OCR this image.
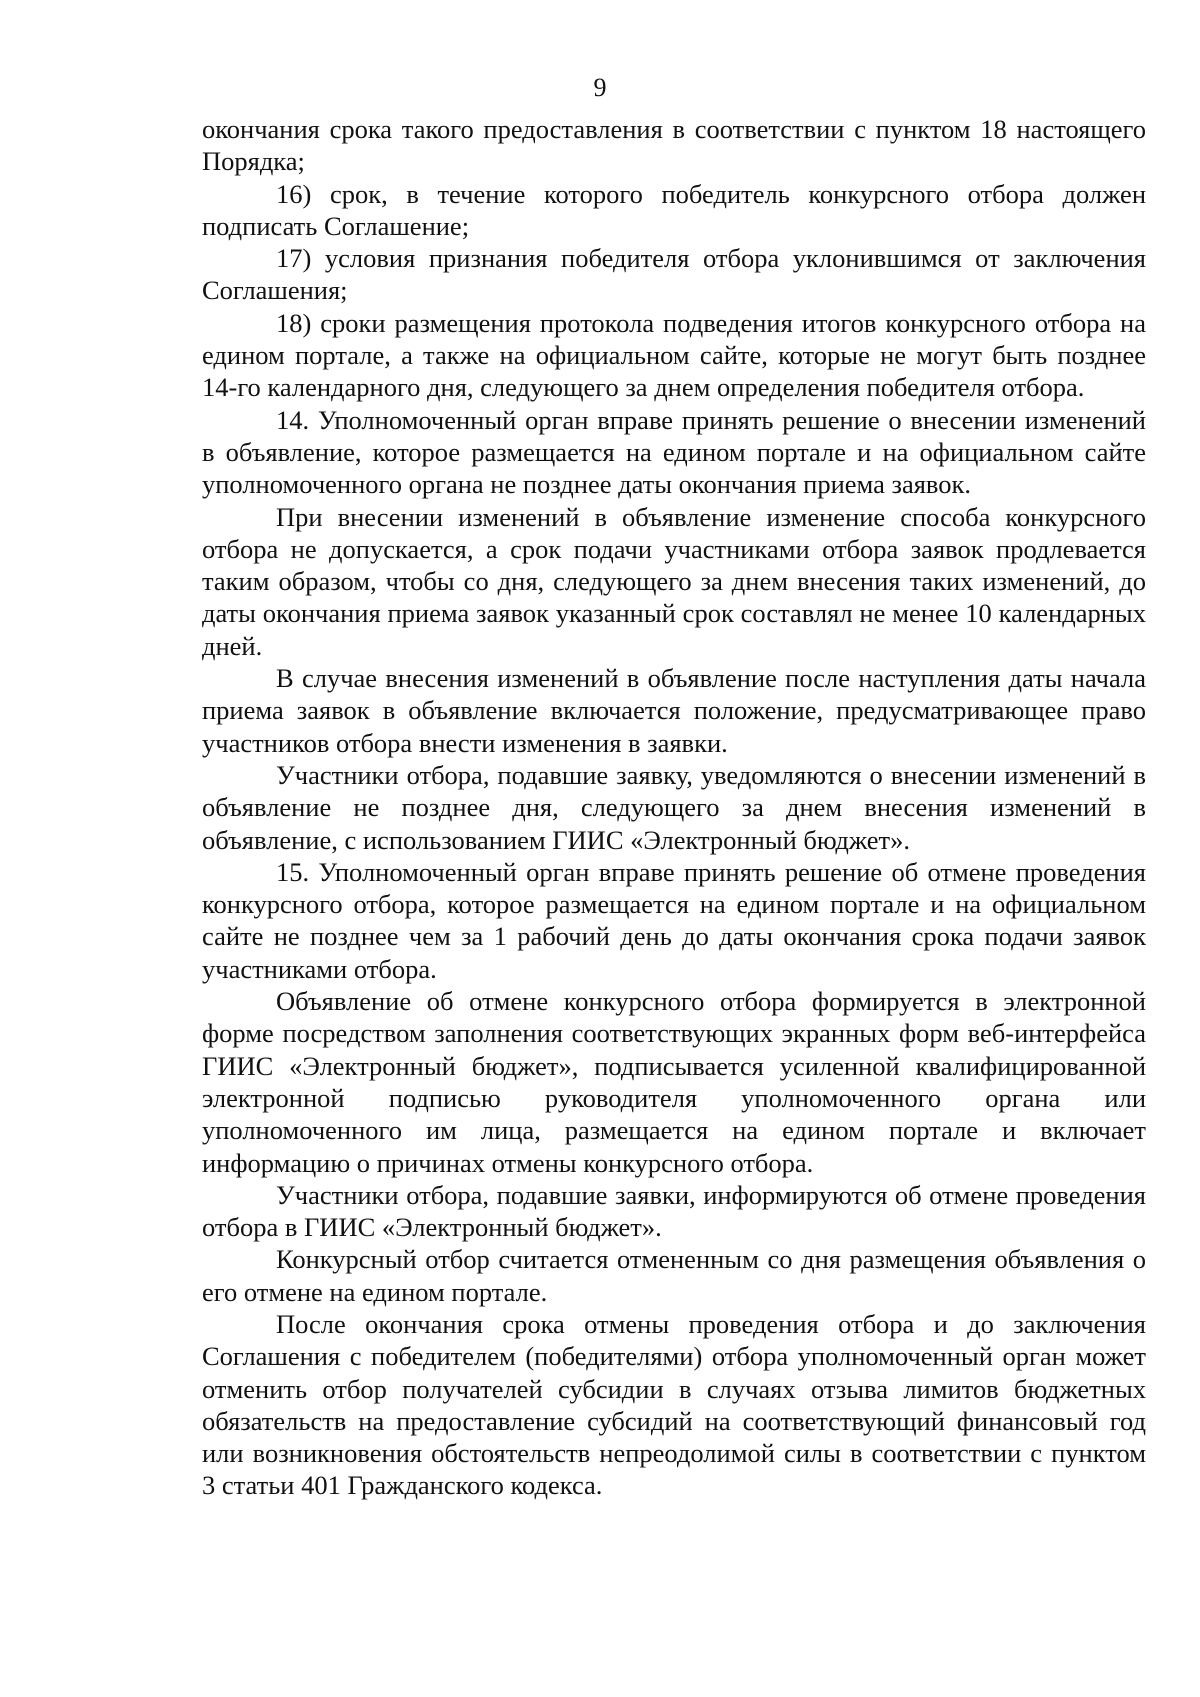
9

окончания срока такого предоставления в соответствии с пунктом 18 настоящего Порядка;

16) срок, в течение которого победитель конкурсного отбора должен подписать Соглашение;

17) условия признания победителя отбора уклонившимся от заключения Соглашения;

18) сроки размещения протокола подведения итогов конкурсного отбора на едином портале, а также на официальном сайте, которые не могут быть позднее 14-го календарного дня, следующего за днем определения победителя отбора.

14. Уполномоченный орган вправе принять решение о внесении изменений в объявление, которое размещается на едином портале и на официальном сайте уполномоченного органа не позднее даты окончания приема заявок.

При внесении изменений в объявление изменение способа конкурсного отбора не допускается, а срок подачи участниками отбора заявок продлевается таким образом, чтобы со дня, следующего за днем внесения таких изменений, до даты окончания приема заявок указанный срок составлял не менее 10 календарных дней.

В случае внесения изменений в объявление после наступления даты начала приема заявок в объявление включается положение, предусматривающее право участников отбора внести изменения в заявки.

Участники отбора, подавшие заявку, уведомляются о внесении изменений в объявление не позднее дня, следующего за днем внесения изменений в объявление, с использованием ГИИС «Электронный бюджет».

15. Уполномоченный орган вправе принять решение об отмене проведения конкурсного отбора, которое размещается на едином портале и на официальном сайте не позднее чем за 1 рабочий день до даты окончания срока подачи заявок участниками отбора.

Объявление об отмене конкурсного отбора формируется в электронной форме посредством заполнения соответствующих экранных форм веб-интерфейса ГИИС «Электронный бюджет», подписывается усиленной квалифицированной электронной подписью руководителя уполномоченного органа или уполномоченного им лица, размещается на едином портале и включает информацию о причинах отмены конкурсного отбора.

Участники отбора, подавшие заявки, информируются об отмене проведения отбора в ГИИС «Электронный бюджет».

Конкурсный отбор считается отмененным со дня размещения объявления о его отмене на едином портале.

После окончания срока отмены проведения отбора и до заключения Соглашения с победителем (победителями) отбора уполномоченный орган может отменить отбор получателей субсидии в случаях отзыва лимитов бюджетных обязательств на предоставление субсидий на соответствующий финансовый год или возникновения обстоятельств непреодолимой силы в соответствии с пунктом 3 статьи 401 Гражданского кодекса.
